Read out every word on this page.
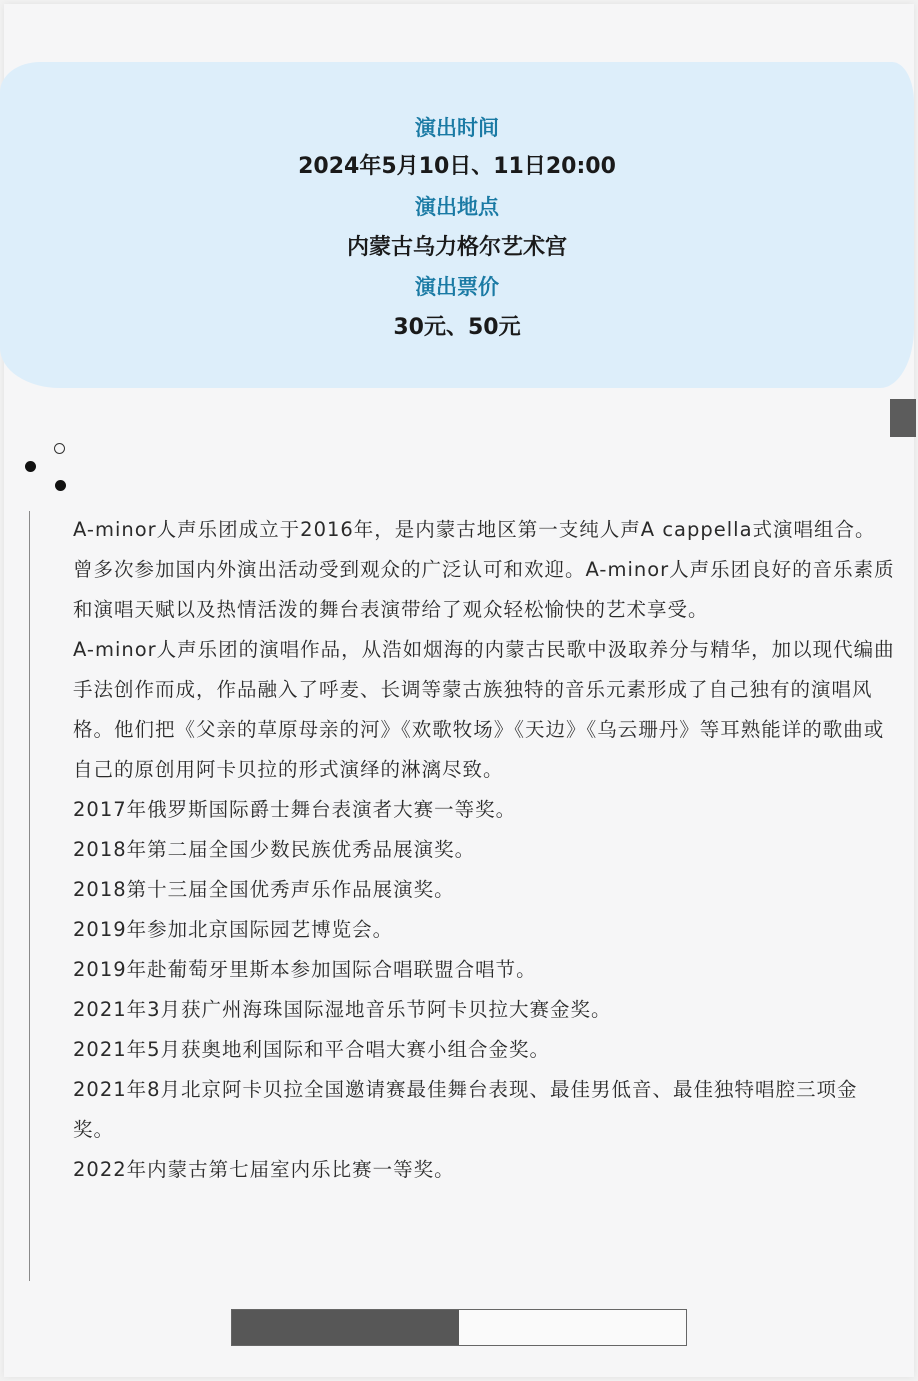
演出时间
2024年5月10日、11日20:00
演出地点
内蒙古乌力格尔艺术宫
演出票价
30元、50元

A-minor人声乐团成立于2016年，是内蒙古地区第一支纯人声A cappella式演唱组合。曾多次参加国内外演出活动受到观众的广泛认可和欢迎。A-minor人声乐团良好的音乐素质和演唱天赋以及热情活泼的舞台表演带给了观众轻松愉快的艺术享受。

A-minor人声乐团的演唱作品，从浩如烟海的内蒙古民歌中汲取养分与精华，加以现代编曲手法创作而成，作品融入了呼麦、长调等蒙古族独特的音乐元素形成了自己独有的演唱风格。他们把《父亲的草原母亲的河》《欢歌牧场》《天边》《乌云珊丹》等耳熟能详的歌曲或自己的原创用阿卡贝拉的形式演绎的淋漓尽致。

2017年俄罗斯国际爵士舞台表演者大赛一等奖。

2018年第二届全国少数民族优秀品展演奖。

2018第十三届全国优秀声乐作品展演奖。

2019年参加北京国际园艺博览会。

2019年赴葡萄牙里斯本参加国际合唱联盟合唱节。

2021年3月获广州海珠国际湿地音乐节阿卡贝拉大赛金奖。

2021年5月获奥地利国际和平合唱大赛小组合金奖。

2021年8月北京阿卡贝拉全国邀请赛最佳舞台表现、最佳男低音、最佳独特唱腔三项金奖。

2022年内蒙古第七届室内乐比赛一等奖。
